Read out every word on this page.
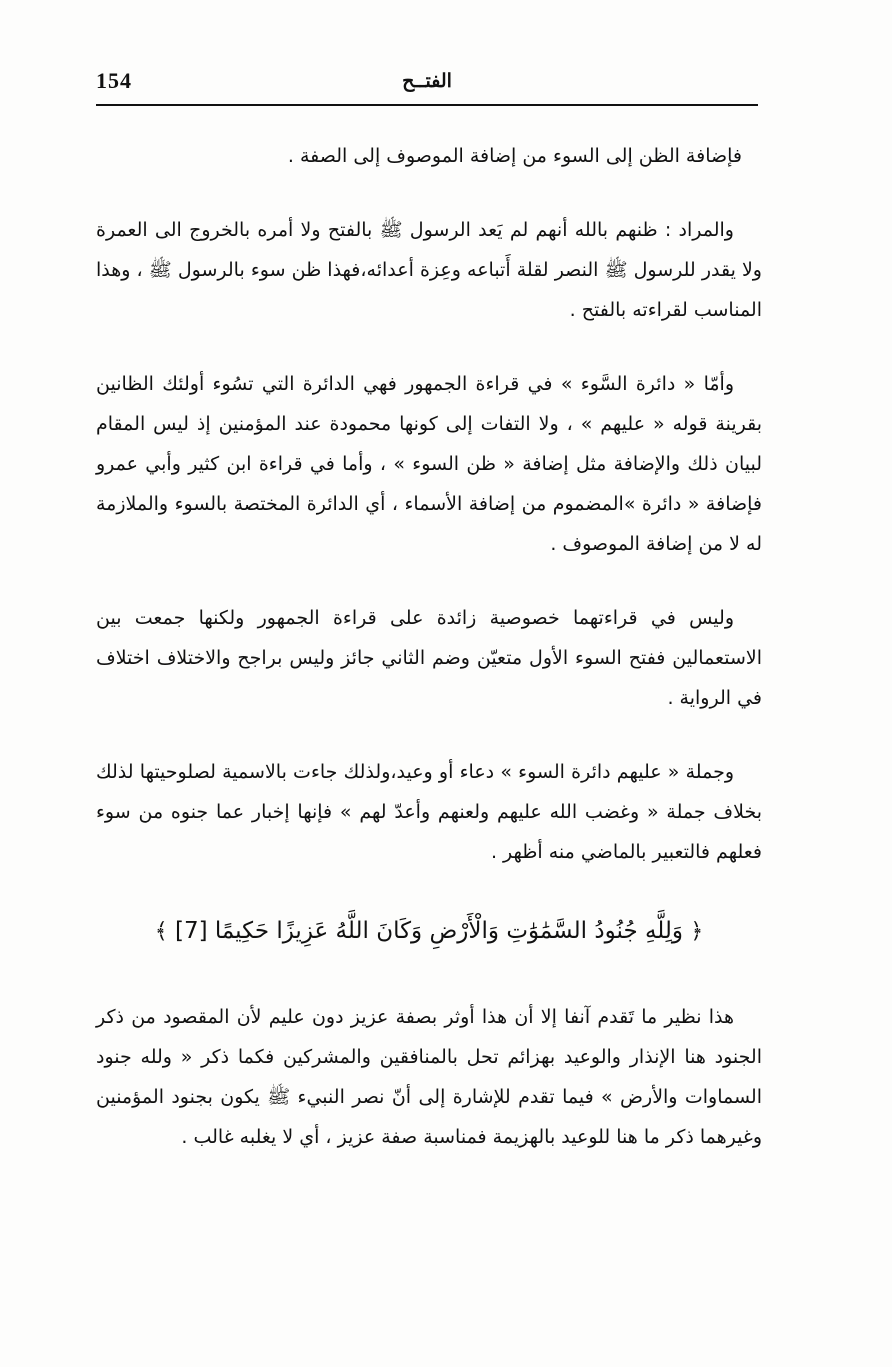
154	الفتــح

فإضافة الظن إلى السوء من إضافة الموصوف إلى الصفة .

والمراد : ظنهم بالله أنهم لم يَعد الرسول ﷺ بالفتح ولا أمره بالخروج الى العمرة ولا يقدر للرسول ﷺ النصر لقلة أَتباعه وعِزة أعدائه،فهذا ظن سوء بالرسول ﷺ ، وهذا المناسب لقراءته بالفتح .

وأمّا « دائرة السَّوء » في قراءة الجمهور فهي الدائرة التي تسُوء أولئك الظانين بقرينة قوله « عليهم » ، ولا التفات إلى كونها محمودة عند المؤمنين إذ ليس المقام لبيان ذلك والإضافة مثل إضافة « ظن السوء » ، وأما في قراءة ابن كثير وأبي عمرو فإضافة « دائرة »المضموم من إضافة الأسماء ، أي الدائرة المختصة بالسوء والملازمة له لا من إضافة الموصوف .

وليس في قراءتهما خصوصية زائدة على قراءة الجمهور ولكنها جمعت بين الاستعمالين ففتح السوء الأول متعيّن وضم الثاني جائز وليس براجح والاختلاف اختلاف في الرواية .

وجملة « عليهم دائرة السوء » دعاء أو وعيد،ولذلك جاءت بالاسمية لصلوحيتها لذلك بخلاف جملة « وغضب الله عليهم ولعنهم وأعدّ لهم » فإنها إخبار عما جنوه من سوء فعلهم فالتعبير بالماضي منه أظهر .

﴿ وَلِلَّهِ جُنُودُ السَّمَٰوَٰتِ وَالْأَرْضِ وَكَانَ اللَّهُ عَزِيزًا حَكِيمًا [7] ﴾

هذا نظير ما تَقدم آنفا إلا أن هذا أوثر بصفة عزيز دون عليم لأن المقصود من ذكر الجنود هنا الإنذار والوعيد بهزائم تحل بالمنافقين والمشركين فكما ذكر « ولله جنود السماوات والأرض » فيما تقدم للإشارة إلى أنّ نصر النبيء ﷺ يكون بجنود المؤمنين وغيرهما ذكر ما هنا للوعيد بالهزيمة فمناسبة صفة عزيز ، أي لا يغلبه غالب .
